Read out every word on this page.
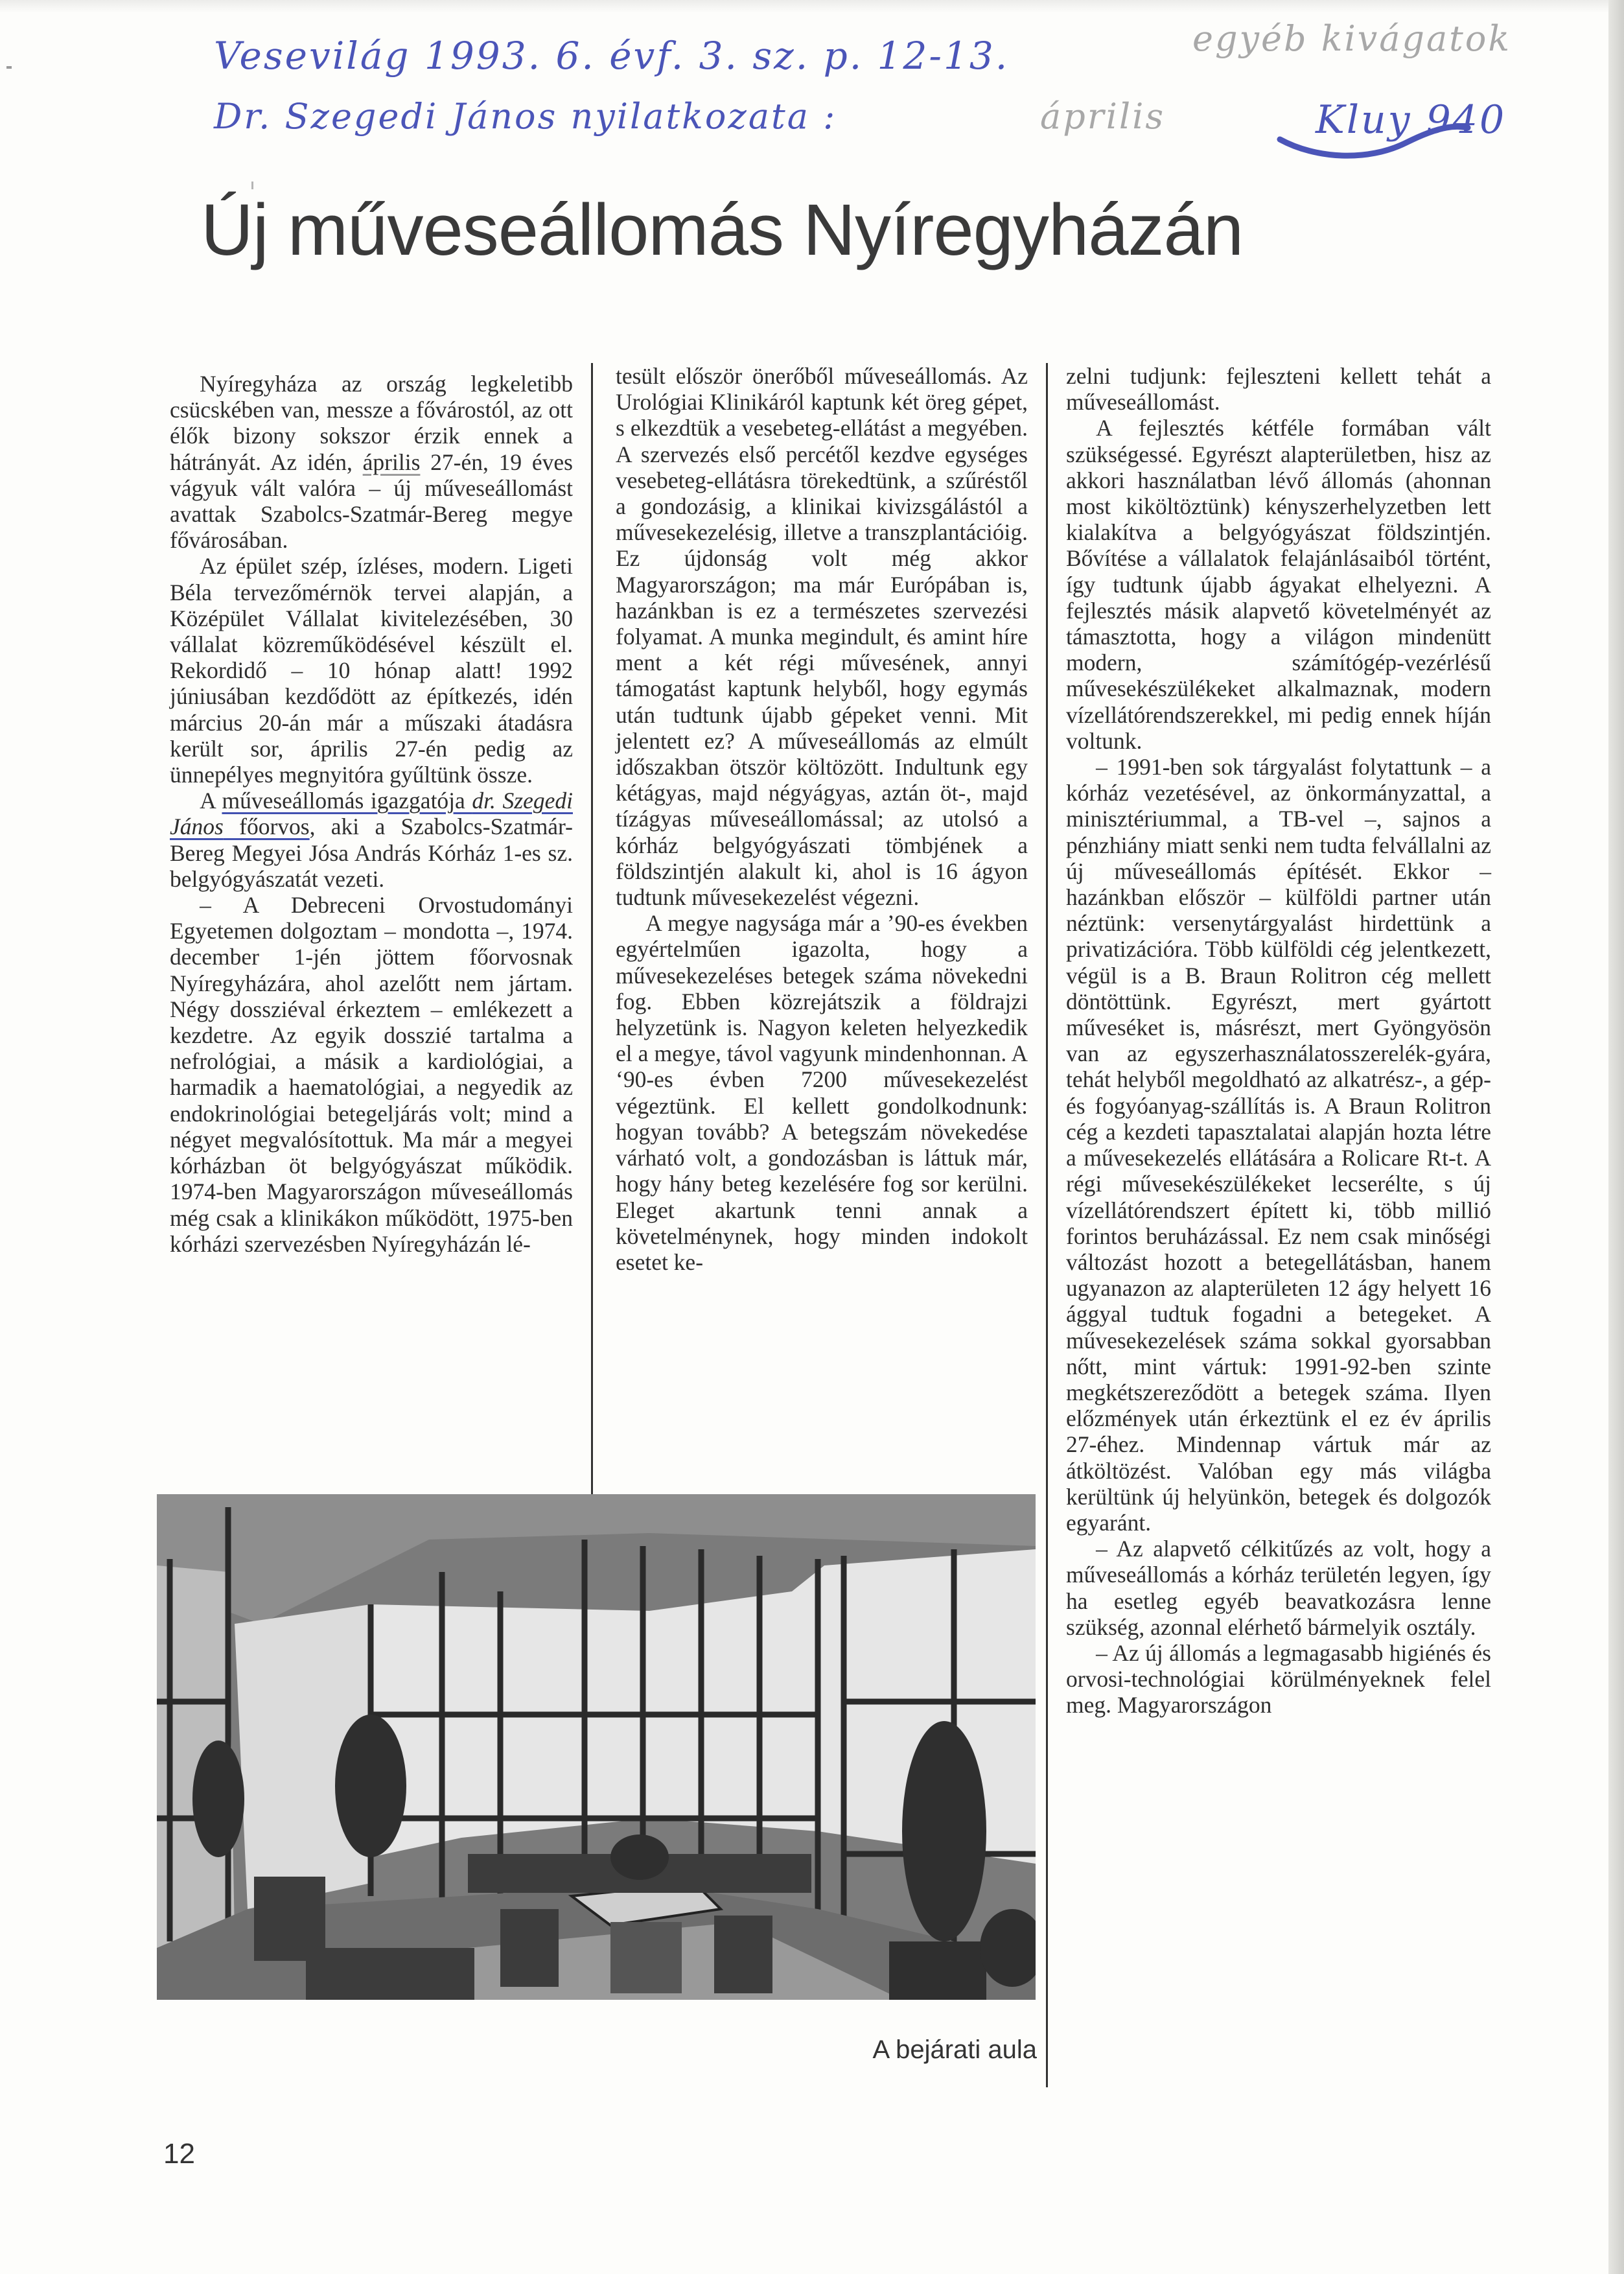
Vesevilág 1993. 6. évf. 3. sz. p. 12-13.
Dr. Szegedi János nyilatkozata :
egyéb kivágatok
április	Kluy 940
Új műveseállomás Nyíregyházán

Nyíregyháza az ország legkeletibb csücskében van, messze a fővárostól, az ott élők bizony sokszor érzik ennek a hátrányát. Az idén, április 27-én, 19 éves vágyuk vált valóra – új műveseállomást avattak Szabolcs-Szatmár-Bereg megye fővárosában.

Az épület szép, ízléses, modern. Ligeti Béla tervezőmérnök tervei alapján, a Középület Vállalat kivitelezésében, 30 vállalat közreműködésével készült el. Rekordidő – 10 hónap alatt! 1992 júniusában kezdődött az építkezés, idén március 20-án már a műszaki átadásra került sor, április 27-én pedig az ünnepélyes megnyitóra gyűltünk össze.

A műveseállomás igazgatója dr. Szegedi János főorvos, aki a Szabolcs-Szatmár-Bereg Megyei Jósa András Kórház 1-es sz. belgyógyászatát vezeti.

– A Debreceni Orvostudományi Egyetemen dolgoztam – mondotta –, 1974. december 1-jén jöttem főorvosnak Nyíregyházára, ahol azelőtt nem jártam. Négy dossziéval érkeztem – emlékezett a kezdetre. Az egyik dosszié tartalma a nefrológiai, a másik a kardiológiai, a harmadik a haematológiai, a negyedik az endokrinológiai betegeljárás volt; mind a négyet megvalósítottuk. Ma már a megyei kórházban öt belgyógyászat működik. 1974-ben Magyarországon műveseállomás még csak a klinikákon működött, 1975-ben kórházi szervezésben Nyíregyházán lé-

tesült először önerőből műveseállomás. Az Urológiai Klinikáról kaptunk két öreg gépet, s elkezdtük a vesebeteg-ellátást a megyében. A szervezés első percétől kezdve egységes vesebeteg-ellátásra törekedtünk, a szűréstől a gondozásig, a klinikai kivizsgálástól a művesekezelésig, illetve a transzplantációig. Ez újdonság volt még akkor Magyarországon; ma már Európában is, hazánkban is ez a természetes szervezési folyamat. A munka megindult, és amint híre ment a két régi művesének, annyi támogatást kaptunk helyből, hogy egymás után tudtunk újabb gépeket venni. Mit jelentett ez? A műveseállomás az elmúlt időszakban ötször költözött. Indultunk egy kétágyas, majd négyágyas, aztán öt-, majd tízágyas műveseállomással; az utolsó a kórház belgyógyászati tömbjének a földszintjén alakult ki, ahol is 16 ágyon tudtunk művesekezelést végezni.

A megye nagysága már a ’90-es években egyértelműen igazolta, hogy a művesekezeléses betegek száma növekedni fog. Ebben közrejátszik a földrajzi helyzetünk is. Nagyon keleten helyezkedik el a megye, távol vagyunk mindenhonnan. A ‘90-es évben 7200 művesekezelést végeztünk. El kellett gondolkodnunk: hogyan tovább? A betegszám növekedése várható volt, a gondozásban is láttuk már, hogy hány beteg kezelésére fog sor kerülni. Eleget akartunk tenni annak a követelménynek, hogy minden indokolt esetet ke-

zelni tudjunk: fejleszteni kellett tehát a műveseállomást.

A fejlesztés kétféle formában vált szükségessé. Egyrészt alapterületben, hisz az akkori használatban lévő állomás (ahonnan most kiköltöztünk) kényszerhelyzetben lett kialakítva a belgyógyászat földszintjén. Bővítése a vállalatok felajánlásaiból történt, így tudtunk újabb ágyakat elhelyezni. A fejlesztés másik alapvető követelményét az támasztotta, hogy a világon mindenütt modern, számítógép-vezérlésű művesekészülékeket alkalmaznak, modern vízellátórendszerekkel, mi pedig ennek híján voltunk.

– 1991-ben sok tárgyalást folytattunk – a kórház vezetésével, az önkormányzattal, a minisztériummal, a TB-vel –, sajnos a pénzhiány miatt senki nem tudta felvállalni az új műveseállomás építését. Ekkor – hazánkban először – külföldi partner után néztünk: versenytárgyalást hirdettünk a privatizációra. Több külföldi cég jelentkezett, végül is a B. Braun Rolitron cég mellett döntöttünk. Egyrészt, mert gyártott műveséket is, másrészt, mert Gyöngyösön van az egyszerhasználatosszerelék-gyára, tehát helyből megoldható az alkatrész-, a gép- és fogyóanyag-szállítás is. A Braun Rolitron cég a kezdeti tapasztalatai alapján hozta létre a művesekezelés ellátására a Rolicare Rt-t. A régi művesekészülékeket lecserélte, s új vízellátórendszert épített ki, több millió forintos beruházással. Ez nem csak minőségi változást hozott a betegellátásban, hanem ugyanazon az alapterületen 12 ágy helyett 16 ággyal tudtuk fogadni a betegeket. A művesekezelések száma sokkal gyorsabban nőtt, mint vártuk: 1991-92-ben szinte megkétszereződött a betegek száma. Ilyen előzmények után érkeztünk el ez év április 27-éhez. Mindennap vártuk már az átköltözést. Valóban egy más világba kerültünk új helyünkön, betegek és dolgozók egyaránt.

– Az alapvető célkitűzés az volt, hogy a műveseállomás a kórház területén legyen, így ha esetleg egyéb beavatkozásra lenne szükség, azonnal elérhető bármelyik osztály.

– Az új állomás a legmagasabb higiénés és orvosi-technológiai körülményeknek felel meg. Magyarországon

A bejárati aula
12
